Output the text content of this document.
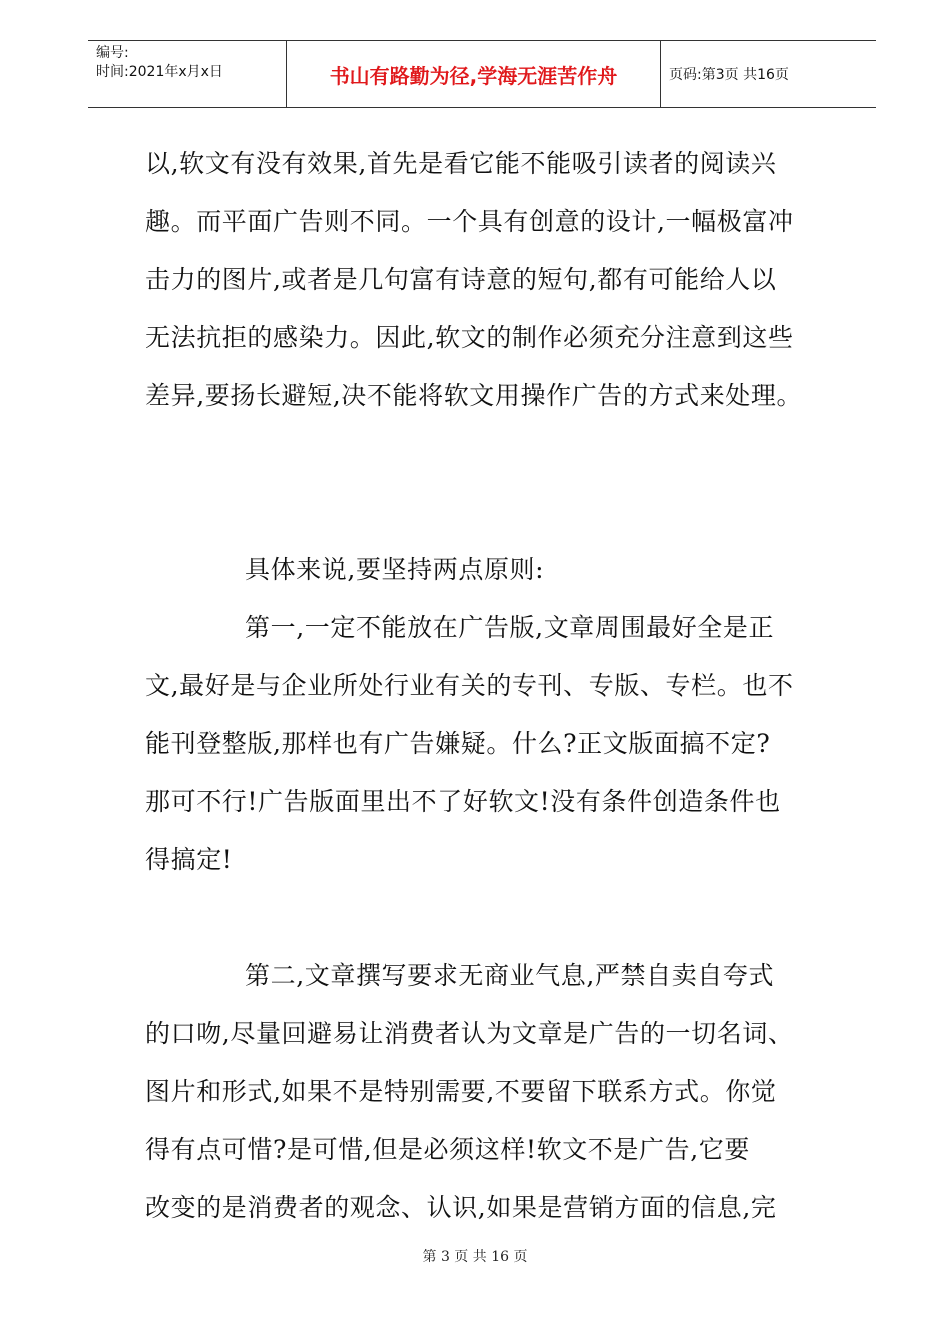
编号:
时间:2021年x月x日	书山有路勤为径,学海无涯苦作舟	页码:第3页 共16页
以,软文有没有效果,首先是看它能不能吸引读者的阅读兴
趣。而平面广告则不同。一个具有创意的设计,一幅极富冲
击力的图片,或者是几句富有诗意的短句,都有可能给人以
无法抗拒的感染力。因此,软文的制作必须充分注意到这些
差异,要扬长避短,决不能将软文用操作广告的方式来处理。
具体来说,要坚持两点原则:
第一,一定不能放在广告版,文章周围最好全是正
文,最好是与企业所处行业有关的专刊、专版、专栏。也不
能刊登整版,那样也有广告嫌疑。什么?正文版面搞不定?
那可不行!广告版面里出不了好软文!没有条件创造条件也
得搞定!
第二,文章撰写要求无商业气息,严禁自卖自夸式
的口吻,尽量回避易让消费者认为文章是广告的一切名词、
图片和形式,如果不是特别需要,不要留下联系方式。你觉
得有点可惜?是可惜,但是必须这样!软文不是广告,它要
改变的是消费者的观念、认识,如果是营销方面的信息,完
第 3 页 共 16 页
